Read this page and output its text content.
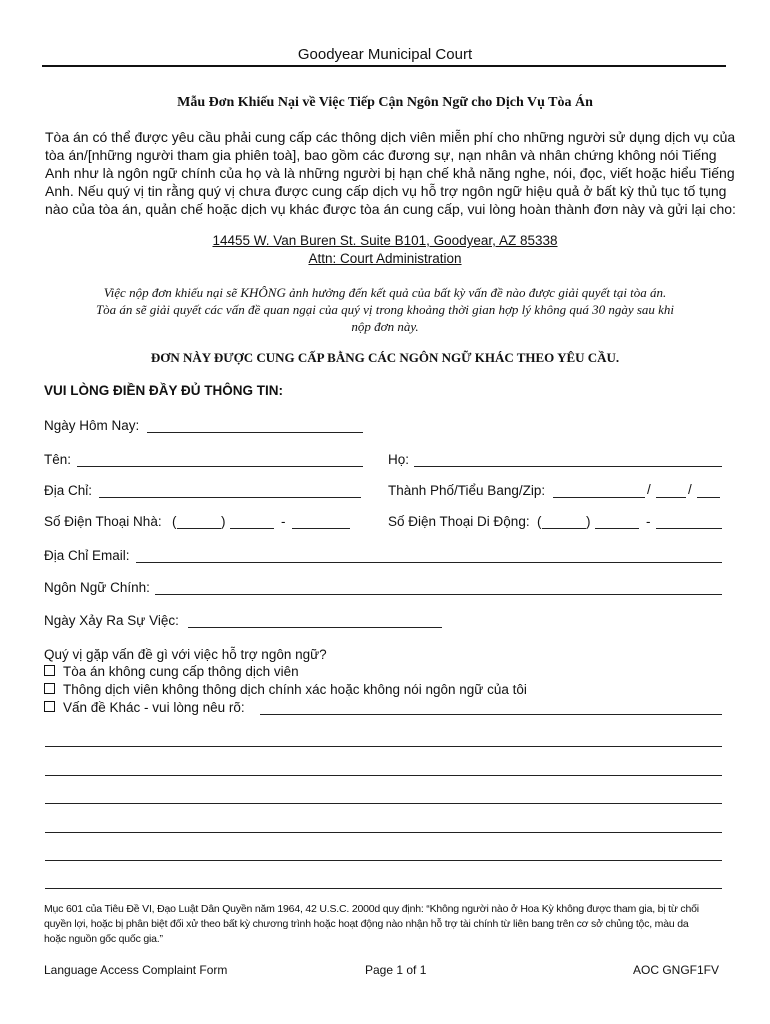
Goodyear Municipal Court
Mẫu Đơn Khiếu Nại về Việc Tiếp Cận Ngôn Ngữ cho Dịch Vụ Tòa Án
Tòa án có thể được yêu cầu phải cung cấp các thông dịch viên miễn phí cho những người sử dụng dịch vụ của
tòa án/[những người tham gia phiên toà], bao gồm các đương sự, nạn nhân và nhân chứng không nói Tiếng
Anh như là ngôn ngữ chính của họ và là những người bị hạn chế khả năng nghe, nói, đọc, viết hoặc hiểu Tiếng
Anh. Nếu quý vị tin rằng quý vị chưa được cung cấp dịch vụ hỗ trợ ngôn ngữ hiệu quả ở bất kỳ thủ tục tố tụng
nào của tòa án, quản chế hoặc dịch vụ khác được tòa án cung cấp, vui lòng hoàn thành đơn này và gửi lại cho:
14455 W. Van Buren St. Suite B101, Goodyear, AZ 85338
Attn: Court Administration
Việc nộp đơn khiếu nại sẽ KHÔNG ảnh hưởng đến kết quả của bất kỳ vấn đề nào được giải quyết tại tòa án.
Tòa án sẽ giải quyết các vấn đề quan ngại của quý vị trong khoảng thời gian hợp lý không quá 30 ngày sau khi
nộp đơn này.
ĐƠN NÀY ĐƯỢC CUNG CẤP BẰNG CÁC NGÔN NGỮ KHÁC THEO YÊU CẦU.
VUI LÒNG ĐIỀN ĐẦY ĐỦ THÔNG TIN:
Ngày Hôm Nay:
Tên:	Họ:
Địa Chỉ:	Thành Phố/Tiểu Bang/Zip:	/	/
Số Điện Thoại Nhà: (	)	-	Số Điện Thoại Di Động: (	)	-
Địa Chỉ Email:
Ngôn Ngữ Chính:
Ngày Xảy Ra Sự Việc:
Quý vị gặp vấn đề gì với việc hỗ trợ ngôn ngữ?
Tòa án không cung cấp thông dịch viên
Thông dịch viên không thông dịch chính xác hoặc không nói ngôn ngữ của tôi
Vấn đề Khác - vui lòng nêu rõ:
Mục 601 của Tiêu Đề VI, Đạo Luật Dân Quyền năm 1964, 42 U.S.C. 2000d quy định: “Không người nào ở Hoa Kỳ không được tham gia, bị từ chối
quyền lợi, hoặc bị phân biệt đối xử theo bất kỳ chương trình hoặc hoạt động nào nhận hỗ trợ tài chính từ liên bang trên cơ sở chủng tộc, màu da
hoặc nguồn gốc quốc gia.”
Language Access Complaint Form	Page 1 of 1	AOC GNGF1FV
